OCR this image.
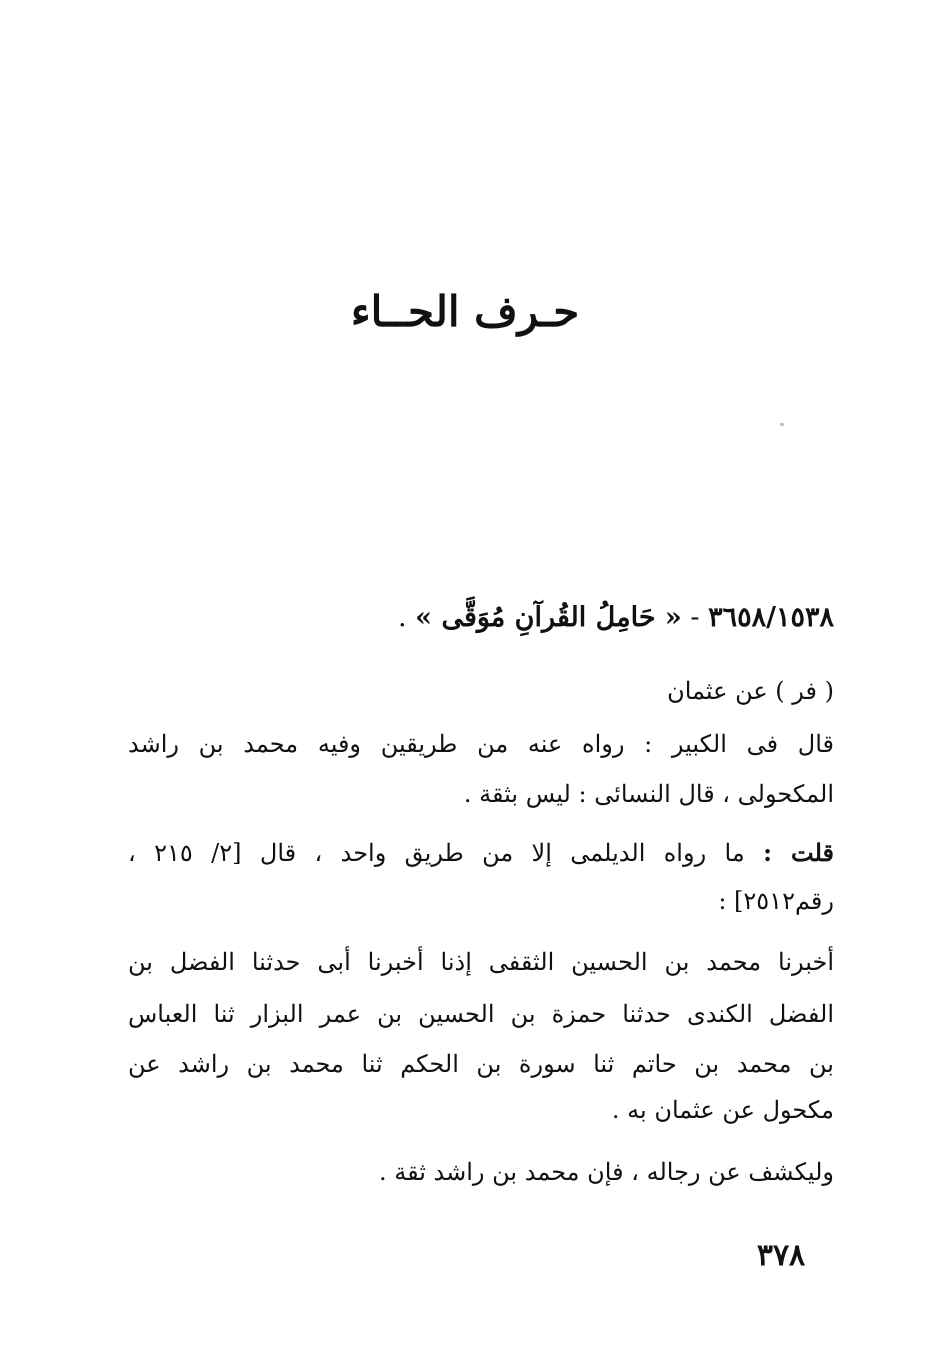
حـرف الحــاء
٣٦٥٨/١٥٣٨ - « حَامِلُ القُرآنِ مُوَقَّى » .
( فر ) عن عثمان
قال فى الكبير : رواه عنه من طريقين وفيه محمد بن راشد
المكحولى ، قال النسائى : ليس بثقة .
قلت : ما رواه الديلمى إلا من طريق واحد ، قال [٢/ ٢١٥ ،
رقم٢٥١٢] :
أخبرنا محمد بن الحسين الثقفى إذنا أخبرنا أبى حدثنا الفضل بن
الفضل الكندى حدثنا حمزة بن الحسين بن عمر البزار ثنا العباس
بن محمد بن حاتم ثنا سورة بن الحكم ثنا محمد بن راشد عن
مكحول عن عثمان به .
وليكشف عن رجاله ، فإن محمد بن راشد ثقة .
٣٧٨
